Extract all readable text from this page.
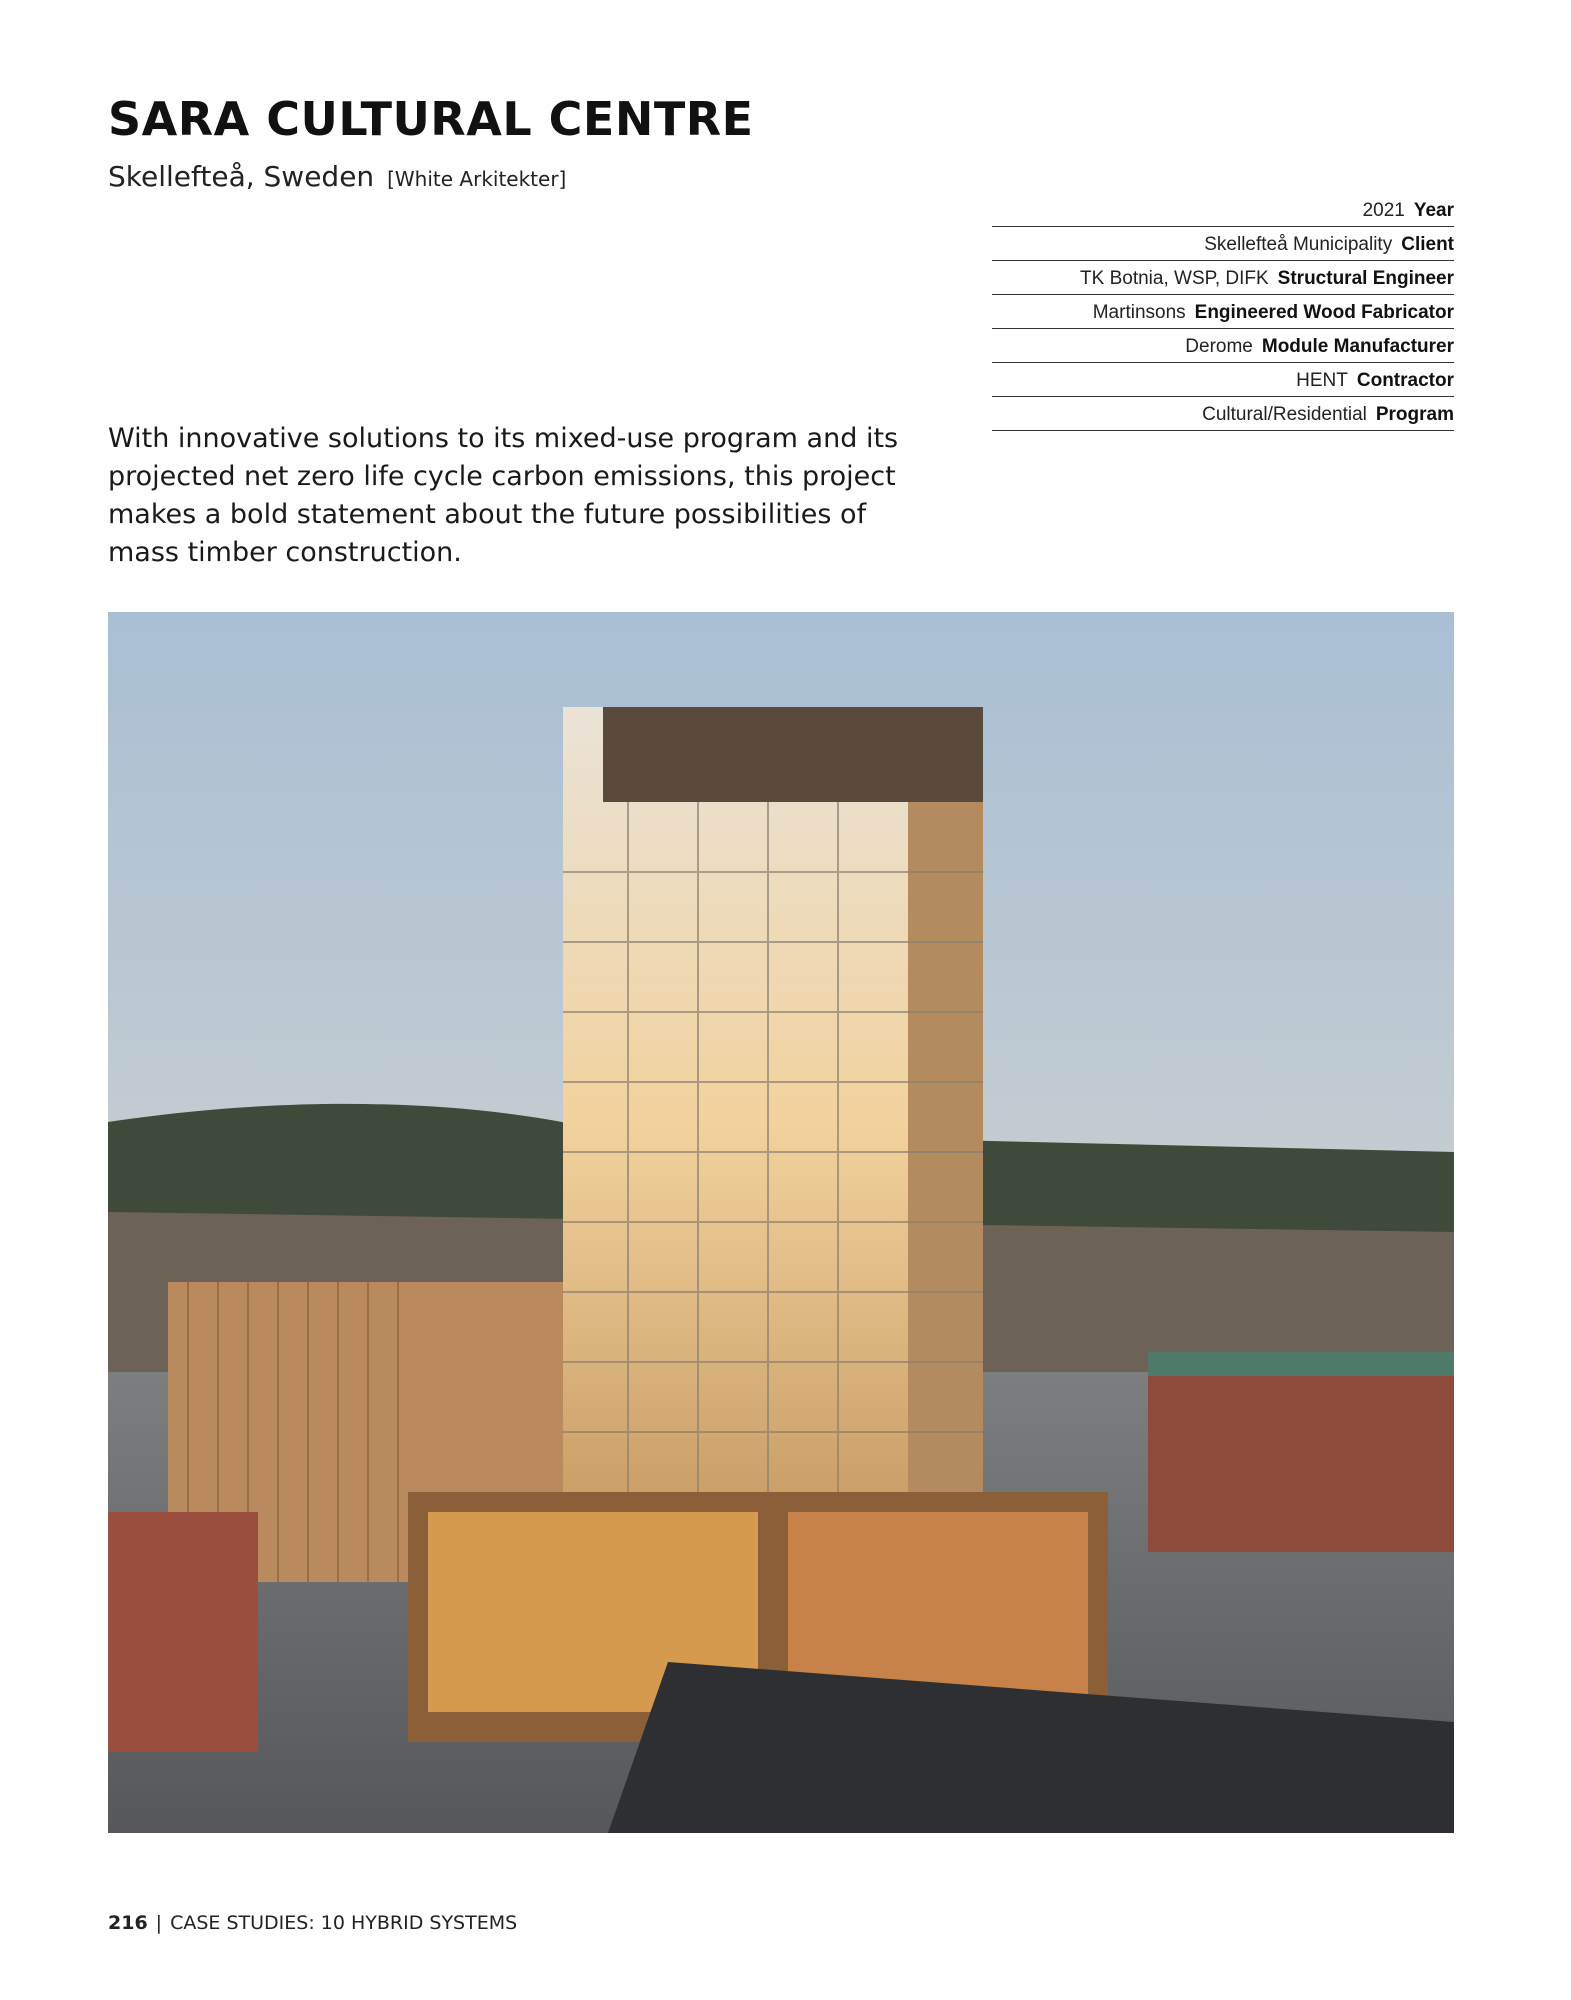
SARA CULTURAL CENTRE
Skellefteå, Sweden [White Arkitekter]
2021 Year
Skellefteå Municipality Client
TK Botnia, WSP, DIFK Structural Engineer
Martinsons Engineered Wood Fabricator
Derome Module Manufacturer
HENT Contractor
Cultural/Residential Program

With innovative solutions to its mixed-use program and its projected net zero life cycle carbon emissions, this project makes a bold statement about the future possibilities of mass timber construction.

216 | CASE STUDIES: 10 HYBRID SYSTEMS
